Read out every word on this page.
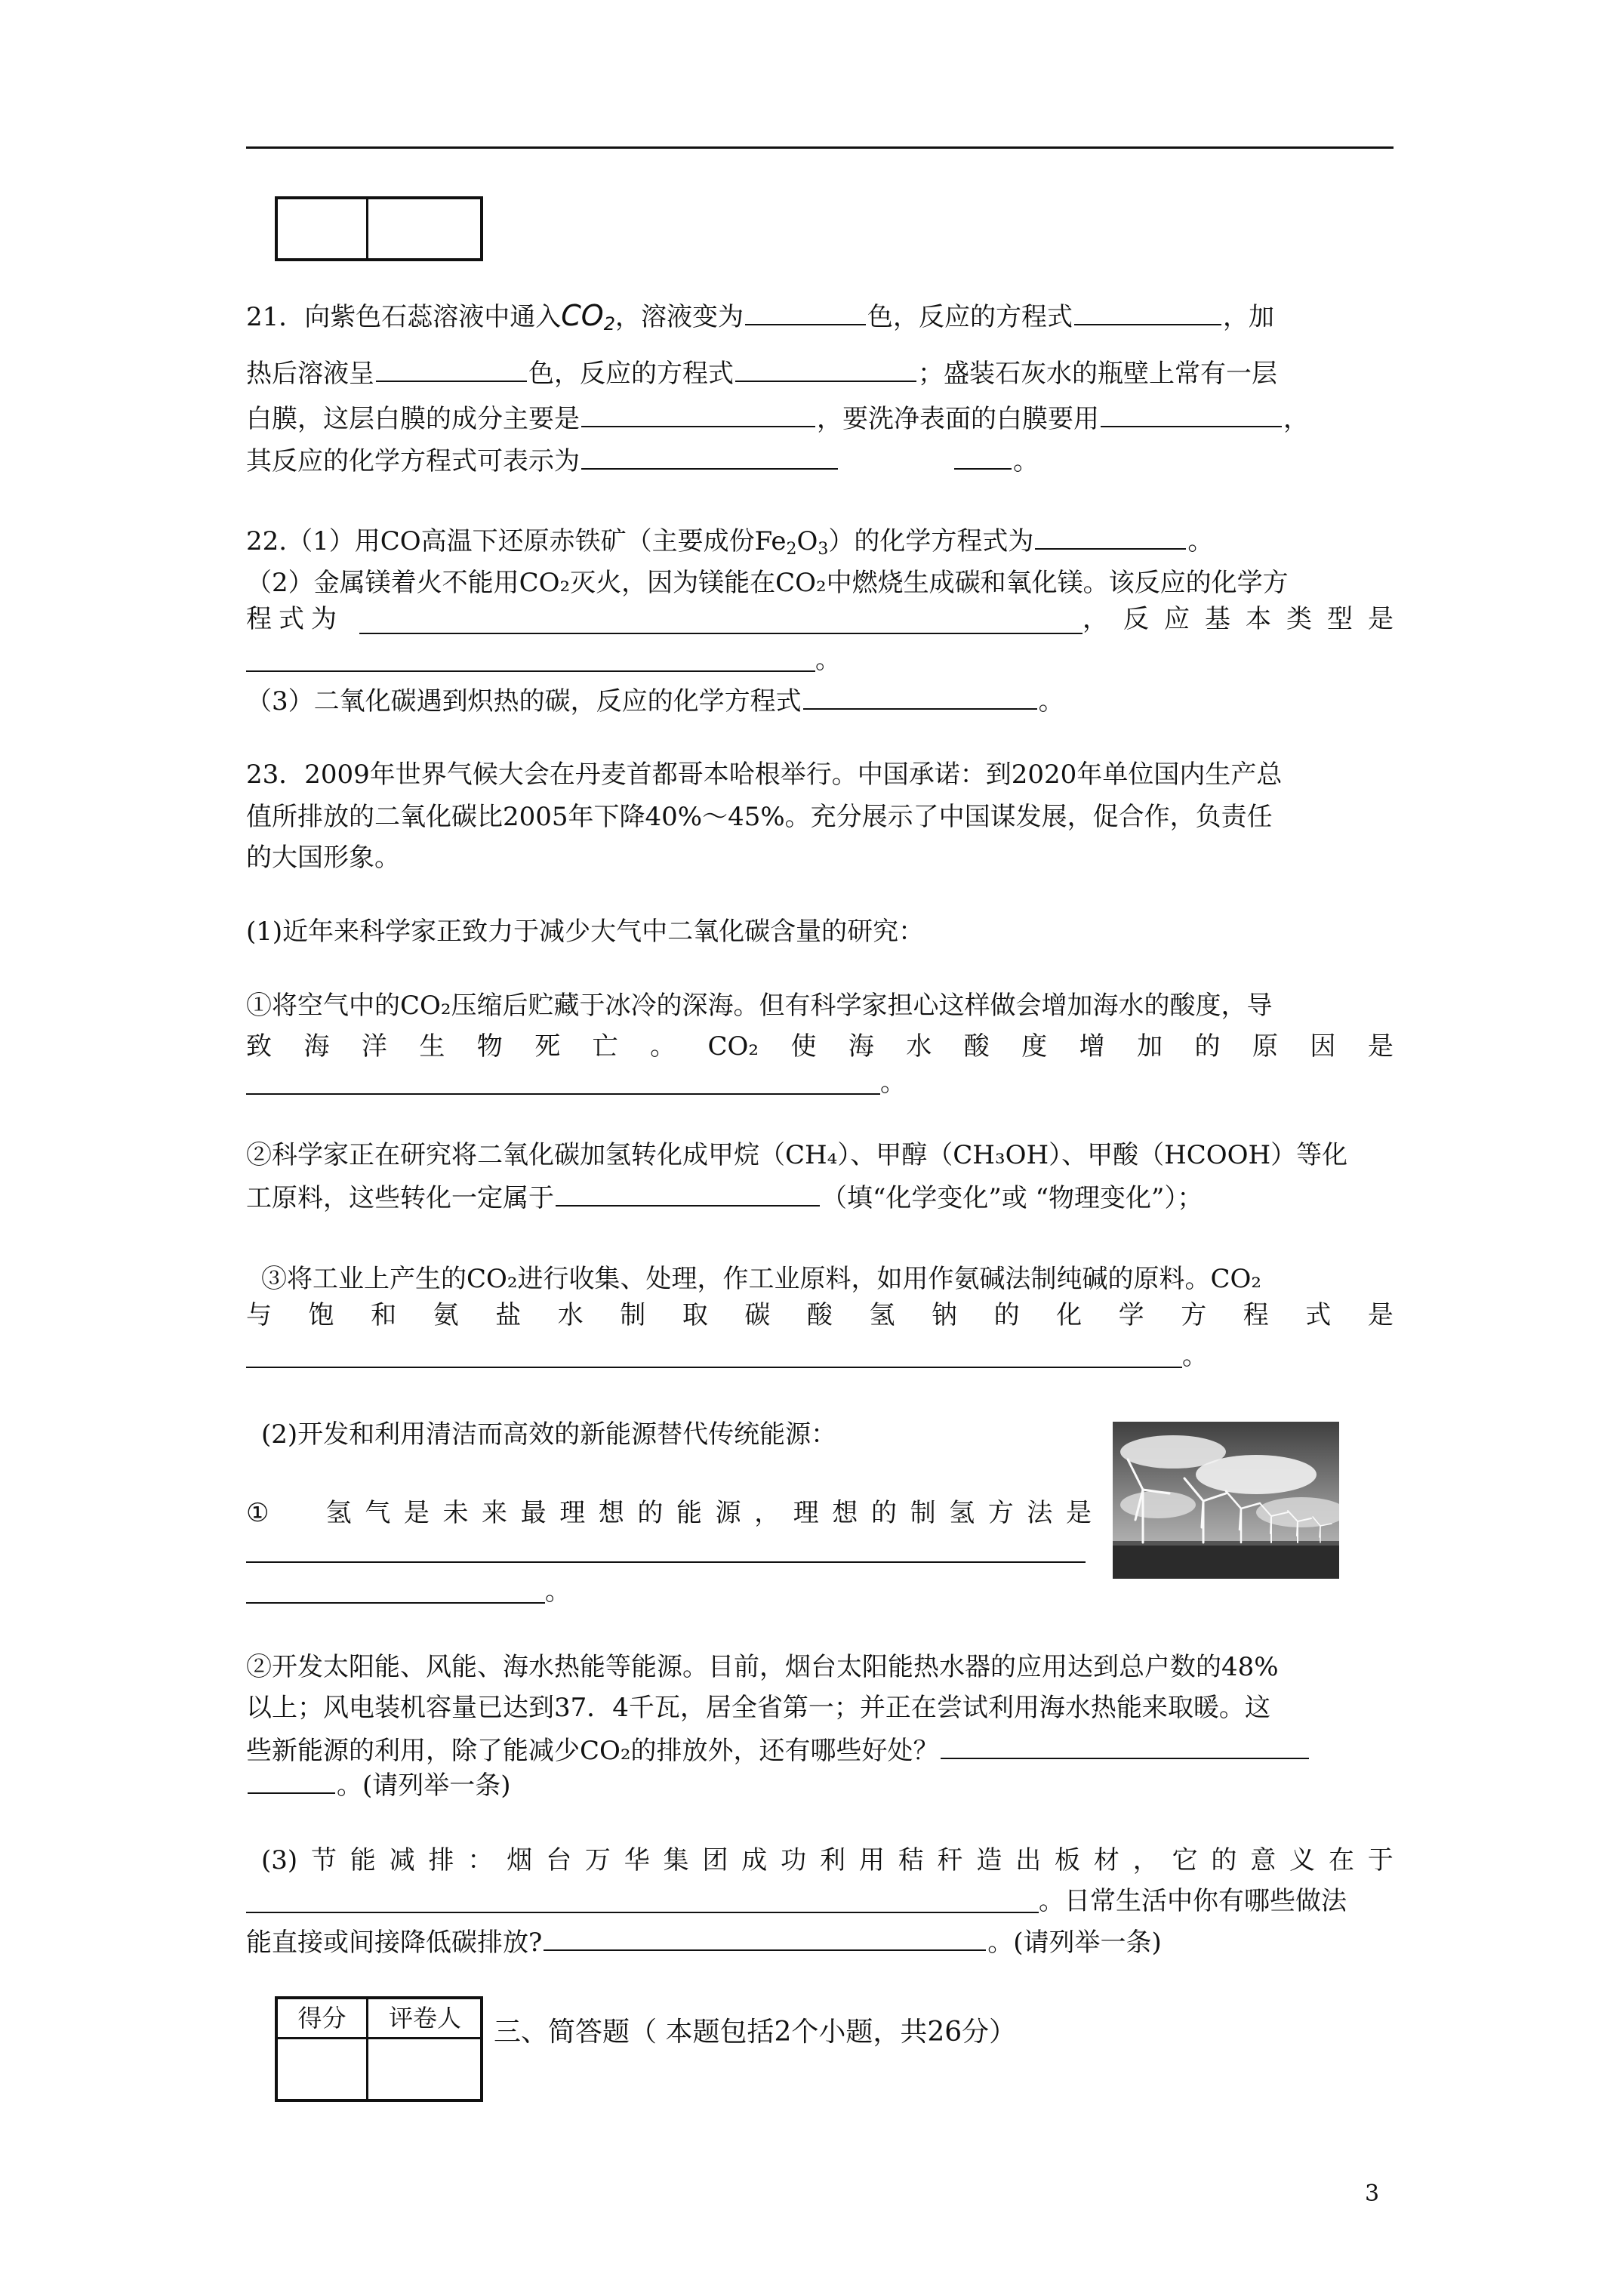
21．向紫色石蕊溶液中通入$CO_2$，溶液变为	色，反应的方程式	，加
热后溶液呈	色，反应的方程式	；盛装石灰水的瓶壁上常有一层
白膜，这层白膜的成分主要是	，要洗净表面的白膜要用	，
其反应的化学方程式可表示为	。
22.（1）用CO高温下还原赤铁矿（主要成份$Fe_2O_3$）的化学方程式为	。
（2）金属镁着火不能用CO₂灭火，因为镁能在CO₂中燃烧生成碳和氧化镁。该反应的化学方
程 式 为	， 反 应 基 本 类 型 是
。
（3）二氧化碳遇到炽热的碳，反应的化学方程式	。
23．2009年世界气候大会在丹麦首都哥本哈根举行。中国承诺：到2020年单位国内生产总
值所排放的二氧化碳比2005年下降40%～45%。充分展示了中国谋发展，促合作，负责任
的大国形象。
(1)近年来科学家正致力于减少大气中二氧化碳含量的研究：
①将空气中的CO₂压缩后贮藏于冰冷的深海。但有科学家担心这样做会增加海水的酸度，导
致 海 洋 生 物 死 亡 。 CO₂ 使 海 水 酸 度 增 加 的 原 因 是
。
②科学家正在研究将二氧化碳加氢转化成甲烷（CH₄）、甲醇（CH₃OH）、甲酸（HCOOH）等化
工原料，这些转化一定属于	（填“化学变化”或 “物理变化”）；
③将工业上产生的CO₂进行收集、处理，作工业原料，如用作氨碱法制纯碱的原料。CO₂
与 饱 和 氨 盐 水 制 取 碳 酸 氢 钠 的 化 学 方 程 式 是
。
(2)开发和利用清洁而高效的新能源替代传统能源：
① 氢 气 是 未 来 最 理 想 的 能 源 ， 理 想 的 制 氢 方 法 是
。
②开发太阳能、风能、海水热能等能源。目前，烟台太阳能热水器的应用达到总户数的48%
以上；风电装机容量已达到37．4千瓦，居全省第一；并正在尝试利用海水热能来取暖。这
些新能源的利用，除了能减少CO₂的排放外，还有哪些好处？
。(请列举一条)
(3) 节 能 减 排 ： 烟 台 万 华 集 团 成 功 利 用 秸 秆 造 出 板 材 ， 它 的 意 义 在 于
。日常生活中你有哪些做法
能直接或间接降低碳排放?	。(请列举一条)
得分	评卷人	三、简答题（ 本题包括2个小题，共26分）
3
